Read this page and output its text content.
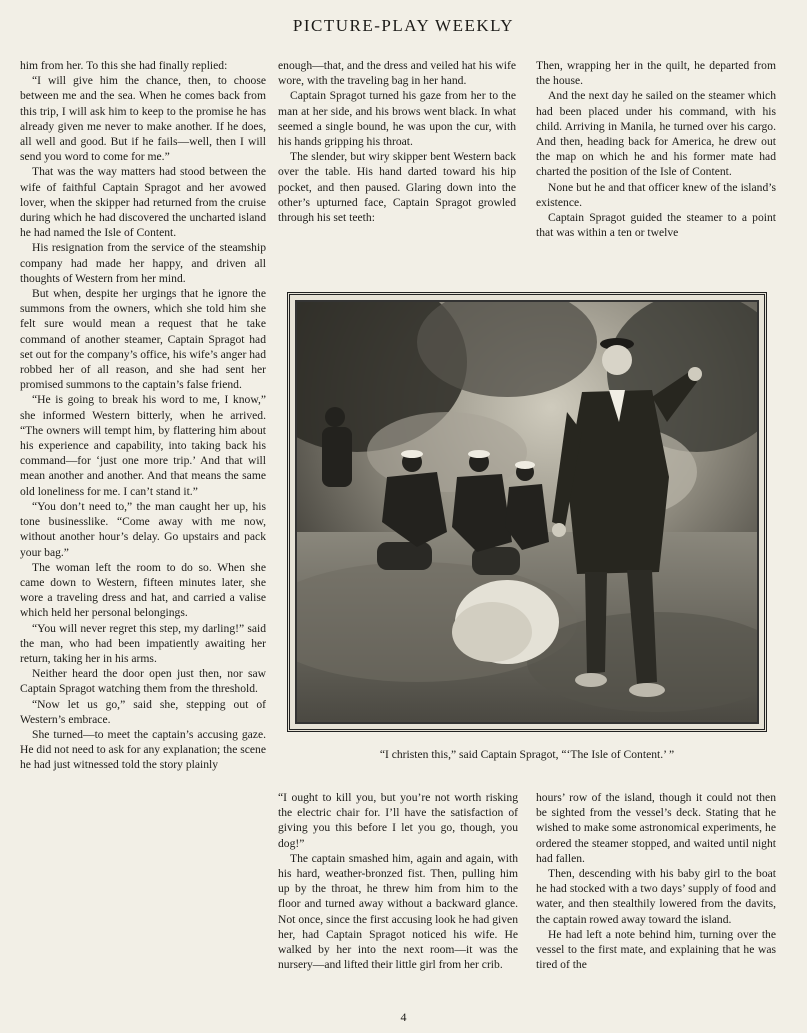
PICTURE-PLAY WEEKLY

him from her. To this she had finally replied:

“I will give him the chance, then, to choose between me and the sea. When he comes back from this trip, I will ask him to keep to the promise he has already given me never to make another. If he does, all well and good. But if he fails—well, then I will send you word to come for me.”

That was the way matters had stood between the wife of faithful Captain Spragot and her avowed lover, when the skipper had returned from the cruise during which he had discovered the uncharted island he had named the Isle of Content.

His resignation from the service of the steamship company had made her happy, and driven all thoughts of Western from her mind.

But when, despite her urgings that he ignore the summons from the owners, which she told him she felt sure would mean a request that he take command of another steamer, Captain Spragot had set out for the company’s office, his wife’s anger had robbed her of all reason, and she had sent her promised summons to the captain’s false friend.

“He is going to break his word to me, I know,” she informed Western bitterly, when he arrived. “The owners will tempt him, by flattering him about his experience and capability, into taking back his command—for ‘just one more trip.’ And that will mean another and another. And that means the same old loneliness for me. I can’t stand it.”

“You don’t need to,” the man caught her up, his tone businesslike. “Come away with me now, without another hour’s delay. Go upstairs and pack your bag.”

The woman left the room to do so. When she came down to Western, fifteen minutes later, she wore a traveling dress and hat, and carried a valise which held her personal belongings.

“You will never regret this step, my darling!” said the man, who had been impatiently awaiting her return, taking her in his arms.

Neither heard the door open just then, nor saw Captain Spragot watching them from the threshold.

“Now let us go,” said she, stepping out of Western’s embrace.

She turned—to meet the captain’s accusing gaze. He did not need to ask for any explanation; the scene he had just witnessed told the story plainly

enough—that, and the dress and veiled hat his wife wore, with the traveling bag in her hand.

Captain Spragot turned his gaze from her to the man at her side, and his brows went black. In what seemed a single bound, he was upon the cur, with his hands gripping his throat.

The slender, but wiry skipper bent Western back over the table. His hand darted toward his hip pocket, and then paused. Glaring down into the other’s upturned face, Captain Spragot growled through his set teeth:

Then, wrapping her in the quilt, he departed from the house.

And the next day he sailed on the steamer which had been placed under his command, with his child. Arriving in Manila, he turned over his cargo. And then, heading back for America, he drew out the map on which he and his former mate had charted the position of the Isle of Content.

None but he and that officer knew of the island’s existence.

Captain Spragot guided the steamer to a point that was within a ten or twelve

“I christen this,” said Captain Spragot, “‘The Isle of Content.’ ”

“I ought to kill you, but you’re not worth risking the electric chair for. I’ll have the satisfaction of giving you this before I let you go, though, you dog!”

The captain smashed him, again and again, with his hard, weather-bronzed fist. Then, pulling him up by the throat, he threw him from him to the floor and turned away without a backward glance. Not once, since the first accusing look he had given her, had Captain Spragot noticed his wife. He walked by her into the next room—it was the nursery—and lifted their little girl from her crib.

hours’ row of the island, though it could not then be sighted from the vessel’s deck. Stating that he wished to make some astronomical experiments, he ordered the steamer stopped, and waited until night had fallen.

Then, descending with his baby girl to the boat he had stocked with a two days’ supply of food and water, and then stealthily lowered from the davits, the captain rowed away toward the island.

He had left a note behind him, turning over the vessel to the first mate, and explaining that he was tired of the

4
